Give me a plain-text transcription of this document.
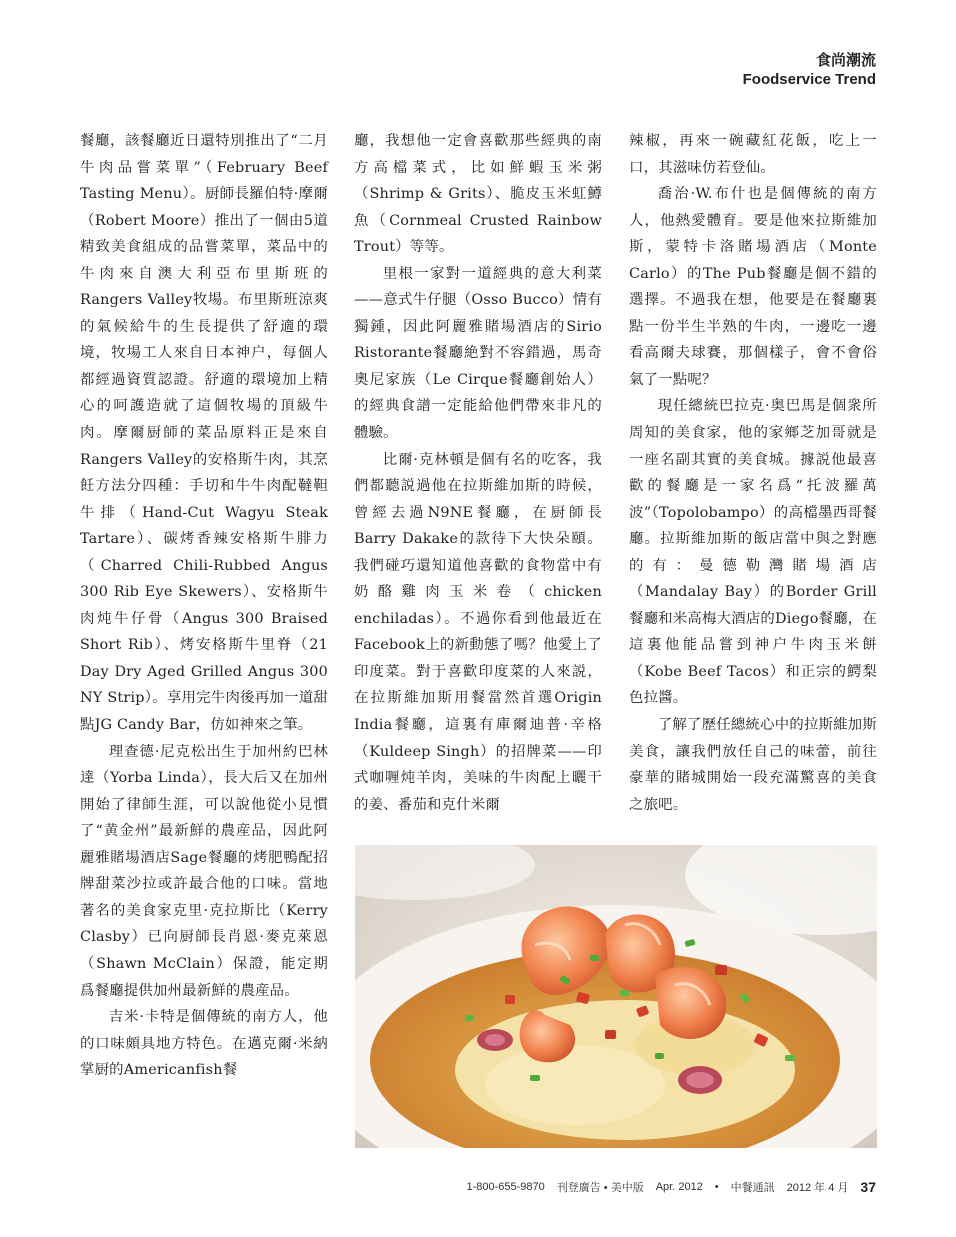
食尚潮流
Foodservice Trend

餐廳，該餐廳近日還特別推出了“二月牛肉品嘗菜單”（February Beef Tasting Menu）。厨師長羅伯特·摩爾（Robert Moore）推出了一個由5道精致美食組成的品嘗菜單，菜品中的牛肉來自澳大利亞布里斯班的Rangers Valley牧場。布里斯班涼爽的氣候給牛的生長提供了舒適的環境，牧場工人來自日本神户，每個人都經過資質認證。舒適的環境加上精心的呵護造就了這個牧場的頂級牛肉。摩爾厨師的菜品原料正是來自Rangers Valley的安格斯牛肉，其烹飪方法分四種：手切和牛牛肉配韃靼牛排（Hand-Cut Wagyu Steak Tartare）、碳烤香辣安格斯牛腓力（Charred Chili-Rubbed Angus 300 Rib Eye Skewers）、安格斯牛肉炖牛仔骨（Angus 300 Braised Short Rib）、烤安格斯牛里脊（21 Day Dry Aged Grilled Angus 300 NY Strip）。享用完牛肉後再加一道甜點JG Candy Bar，仿如神來之筆。

理查德·尼克松出生于加州約巴林達（Yorba Linda），長大后又在加州開始了律師生涯，可以說他從小見慣了“黄金州”最新鮮的農産品，因此阿麗雅賭場酒店Sage餐廳的烤肥鴨配招牌甜菜沙拉或許最合他的口味。當地著名的美食家克里·克拉斯比（Kerry Clasby）已向厨師長肖恩·麥克萊恩（Shawn McClain）保證，能定期爲餐廳提供加州最新鮮的農産品。

吉米·卡特是個傳統的南方人，他的口味頗具地方特色。在邁克爾·米納掌厨的Americanfish餐

廳，我想他一定會喜歡那些經典的南方高檔菜式，比如鮮蝦玉米粥（Shrimp & Grits）、脆皮玉米虹鱒魚（Cornmeal Crusted Rainbow Trout）等等。

里根一家對一道經典的意大利菜——意式牛仔腿（Osso Bucco）情有獨鍾，因此阿麗雅賭場酒店的Sirio Ristorante餐廳絶對不容錯過，馬奇奧尼家族（Le Cirque餐廳創始人）的經典食譜一定能給他們帶來非凡的體驗。

比爾·克林頓是個有名的吃客，我們都聽説過他在拉斯維加斯的時候，曾經去過N9NE餐廳，在厨師長Barry Dakake的款待下大快朵頤。我們碰巧還知道他喜歡的食物當中有奶酪雞肉玉米卷（chicken enchiladas）。不過你看到他最近在Facebook上的新動態了嗎？他愛上了印度菜。對于喜歡印度菜的人來説，在拉斯維加斯用餐當然首選Origin India餐廳，這裏有庫爾迪普·辛格（Kuldeep Singh）的招牌菜——印式咖喱炖羊肉，美味的牛肉配上曬干的姜、番茄和克什米爾

辣椒，再來一碗藏紅花飯，吃上一口，其滋味仿若登仙。

喬治·W.布什也是個傳統的南方人，他熱愛體育。要是他來拉斯維加斯，蒙特卡洛賭場酒店（Monte Carlo）的The Pub餐廳是個不錯的選擇。不過我在想，他要是在餐廳裏點一份半生半熟的牛肉，一邊吃一邊看高爾夫球賽，那個樣子，會不會俗氣了一點呢？

現任總統巴拉克·奥巴馬是個衆所周知的美食家，他的家鄉芝加哥就是一座名副其實的美食城。據説他最喜歡的餐廳是一家名爲“托波羅萬波”（Topolobampo）的高檔墨西哥餐廳。拉斯維加斯的飯店當中與之對應的有：曼德勒灣賭場酒店（Mandalay Bay）的Border Grill餐廳和米高梅大酒店的Diego餐廳，在這裏他能品嘗到神户牛肉玉米餅（Kobe Beef Tacos）和正宗的鰐梨色拉醬。

了解了歷任總統心中的拉斯維加斯美食，讓我們放任自己的味蕾，前往豪華的賭城開始一段充滿驚喜的美食之旅吧。

1-800-655-9870 刊登廣告 • 美中版 Apr. 2012 • 中餐通訊 2012 年 4 月 37
